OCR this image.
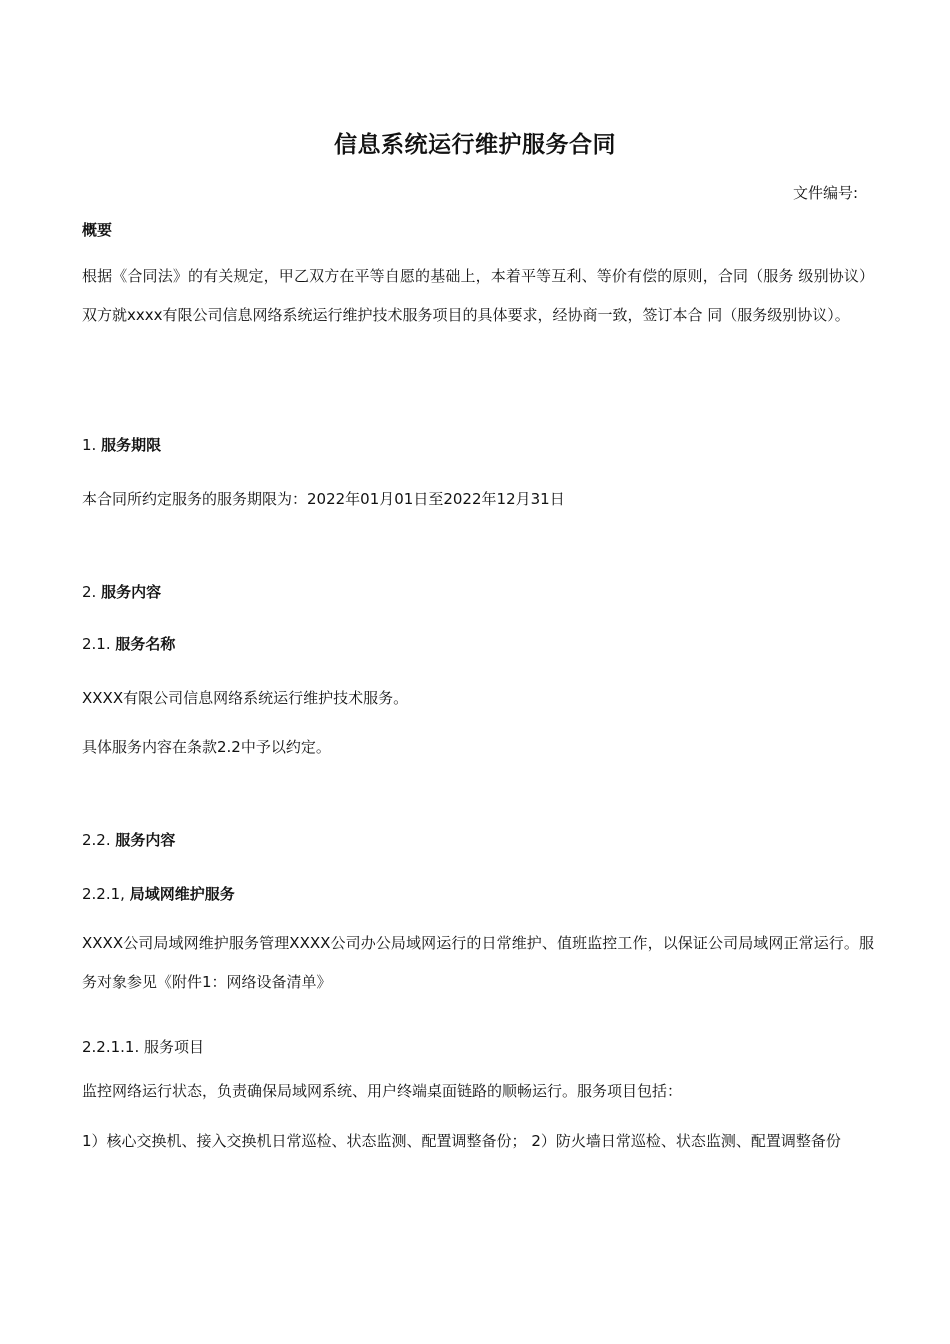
信息系统运行维护服务合同
文件编号:

概要

根据《合同法》的有关规定，甲乙双方在平等自愿的基础上，本着平等互利、等价有偿的原则，合同（服务 级别协议）双方就xxxx有限公司信息网络系统运行维护技术服务项目的具体要求，经协商一致，签订本合 同（服务级别协议）。

1. 服务期限

本合同所约定服务的服务期限为：2022年01月01日至2022年12月31日

2. 服务内容

2.1. 服务名称

XXXX有限公司信息网络系统运行维护技术服务。

具体服务内容在条款2.2中予以约定。

2.2. 服务内容

2.2.1, 局域网维护服务

XXXX公司局域网维护服务管理XXXX公司办公局域网运行的日常维护、值班监控工作，以保证公司局域网正常运行。服务对象参见《附件1：网络设备清单》

2.2.1.1. 服务项目

监控网络运行状态，负责确保局域网系统、用户终端桌面链路的顺畅运行。服务项目包括：

1）核心交换机、接入交换机日常巡检、状态监测、配置调整备份； 2）防火墙日常巡检、状态监测、配置调整备份
